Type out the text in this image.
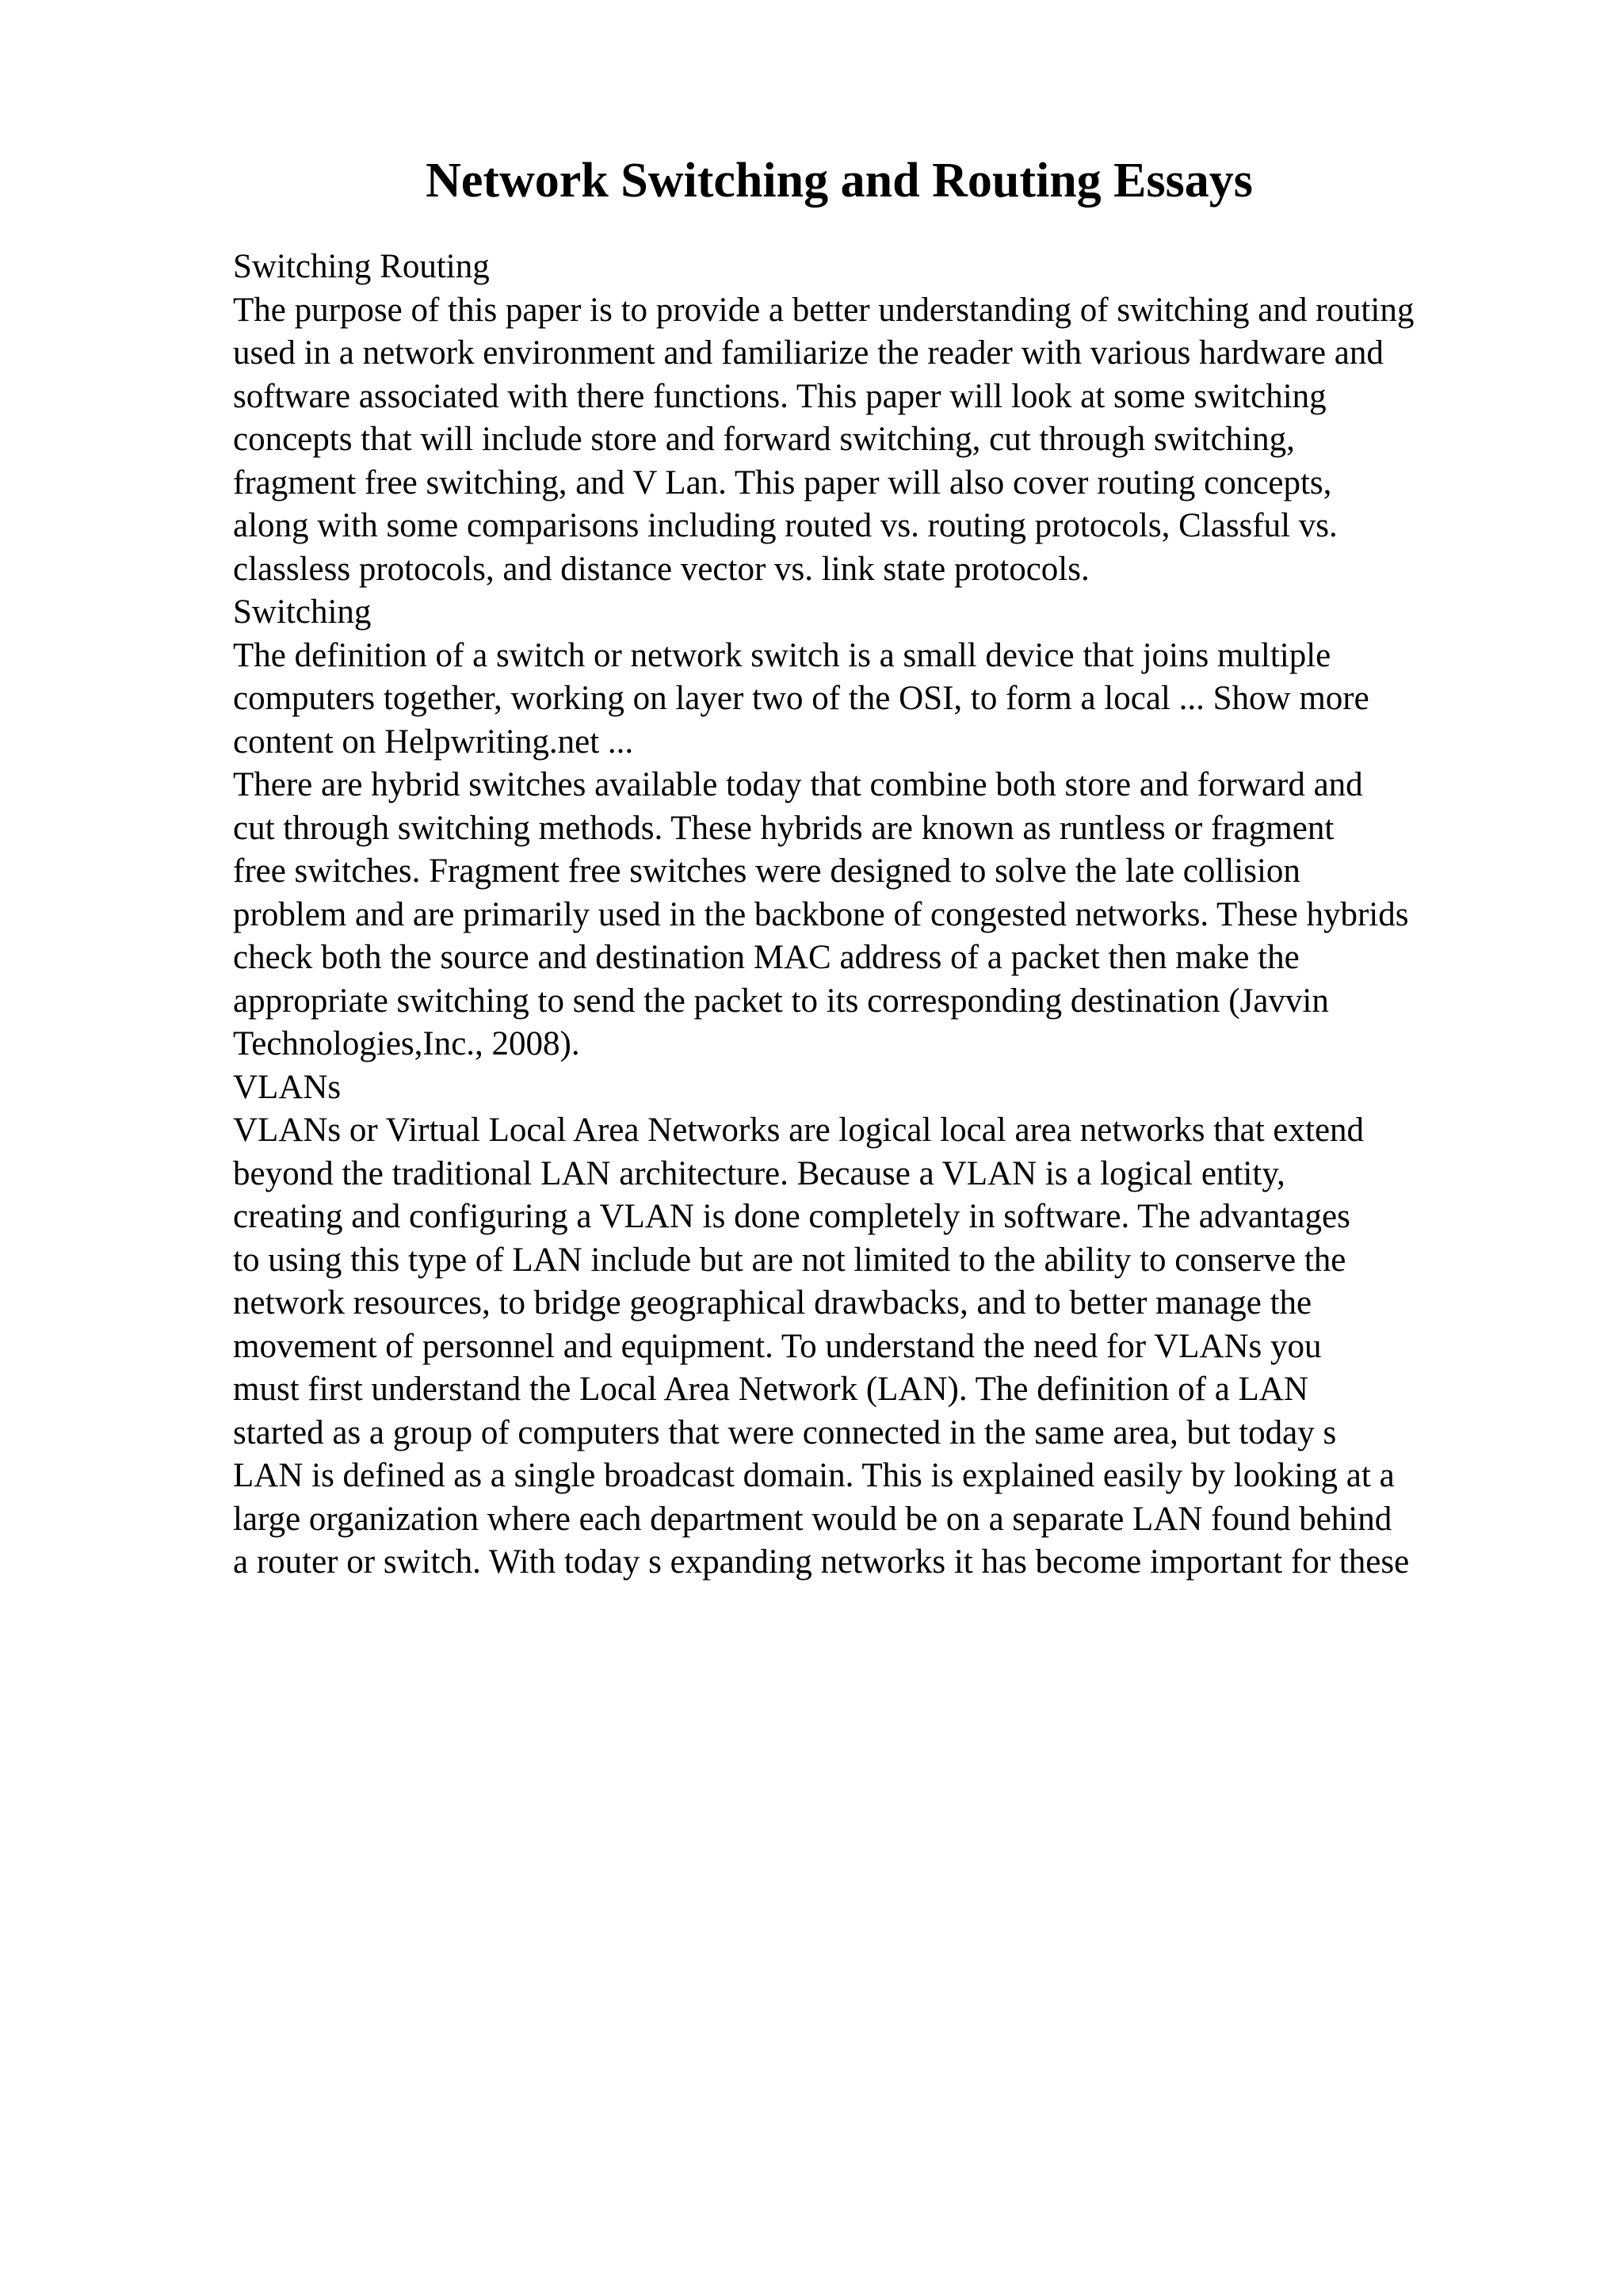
Network Switching and Routing Essays
Switching Routing
The purpose of this paper is to provide a better understanding of switching and routing
used in a network environment and familiarize the reader with various hardware and
software associated with there functions. This paper will look at some switching
concepts that will include store and forward switching, cut through switching,
fragment free switching, and V Lan. This paper will also cover routing concepts,
along with some comparisons including routed vs. routing protocols, Classful vs.
classless protocols, and distance vector vs. link state protocols.
Switching
The definition of a switch or network switch is a small device that joins multiple
computers together, working on layer two of the OSI, to form a local ... Show more
content on Helpwriting.net ...
There are hybrid switches available today that combine both store and forward and
cut through switching methods. These hybrids are known as runtless or fragment
free switches. Fragment free switches were designed to solve the late collision
problem and are primarily used in the backbone of congested networks. These hybrids
check both the source and destination MAC address of a packet then make the
appropriate switching to send the packet to its corresponding destination (Javvin
Technologies,Inc., 2008).
VLANs
VLANs or Virtual Local Area Networks are logical local area networks that extend
beyond the traditional LAN architecture. Because a VLAN is a logical entity,
creating and configuring a VLAN is done completely in software. The advantages
to using this type of LAN include but are not limited to the ability to conserve the
network resources, to bridge geographical drawbacks, and to better manage the
movement of personnel and equipment. To understand the need for VLANs you
must first understand the Local Area Network (LAN). The definition of a LAN
started as a group of computers that were connected in the same area, but today s
LAN is defined as a single broadcast domain. This is explained easily by looking at a
large organization where each department would be on a separate LAN found behind
a router or switch. With today s expanding networks it has become important for these
